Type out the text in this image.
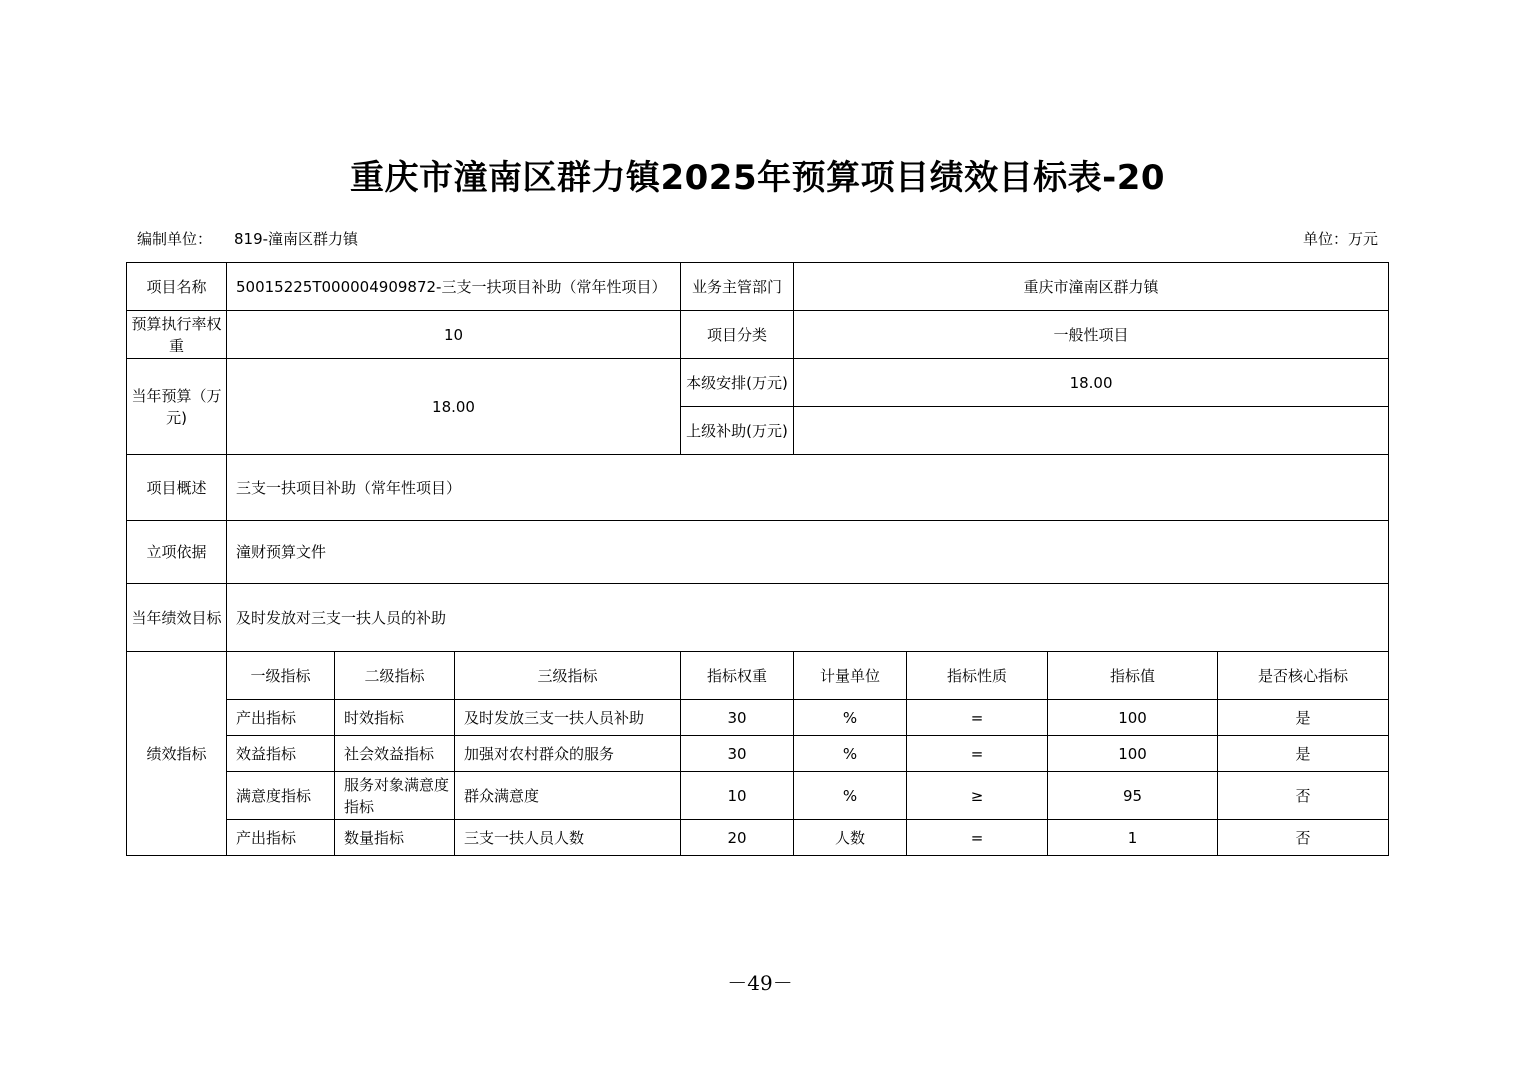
重庆市潼南区群力镇2025年预算项目绩效目标表-20
编制单位： 819-潼南区群力镇	单位：万元
项目名称	50015225T000004909872-三支一扶项目补助（常年性项目）			业务主管部门	重庆市潼南区群力镇			
预算执行率权重	10			项目分类	一般性项目			
当年预算（万元)	18.00			本级安排(万元)	18.00			
				上级补助(万元)				
项目概述	三支一扶项目补助（常年性项目）							
立项依据	潼财预算文件							
当年绩效目标	及时发放对三支一扶人员的补助							
绩效指标	一级指标	二级指标	三级指标	指标权重	计量单位	指标性质	指标值	是否核心指标
	产出指标	时效指标	及时发放三支一扶人员补助	30	%	=	100	是
	效益指标	社会效益指标	加强对农村群众的服务	30	%	=	100	是
	满意度指标	服务对象满意度指标	群众满意度	10	%	≥	95	否
	产出指标	数量指标	三支一扶人员人数	20	人数	=	1	否
－49－
